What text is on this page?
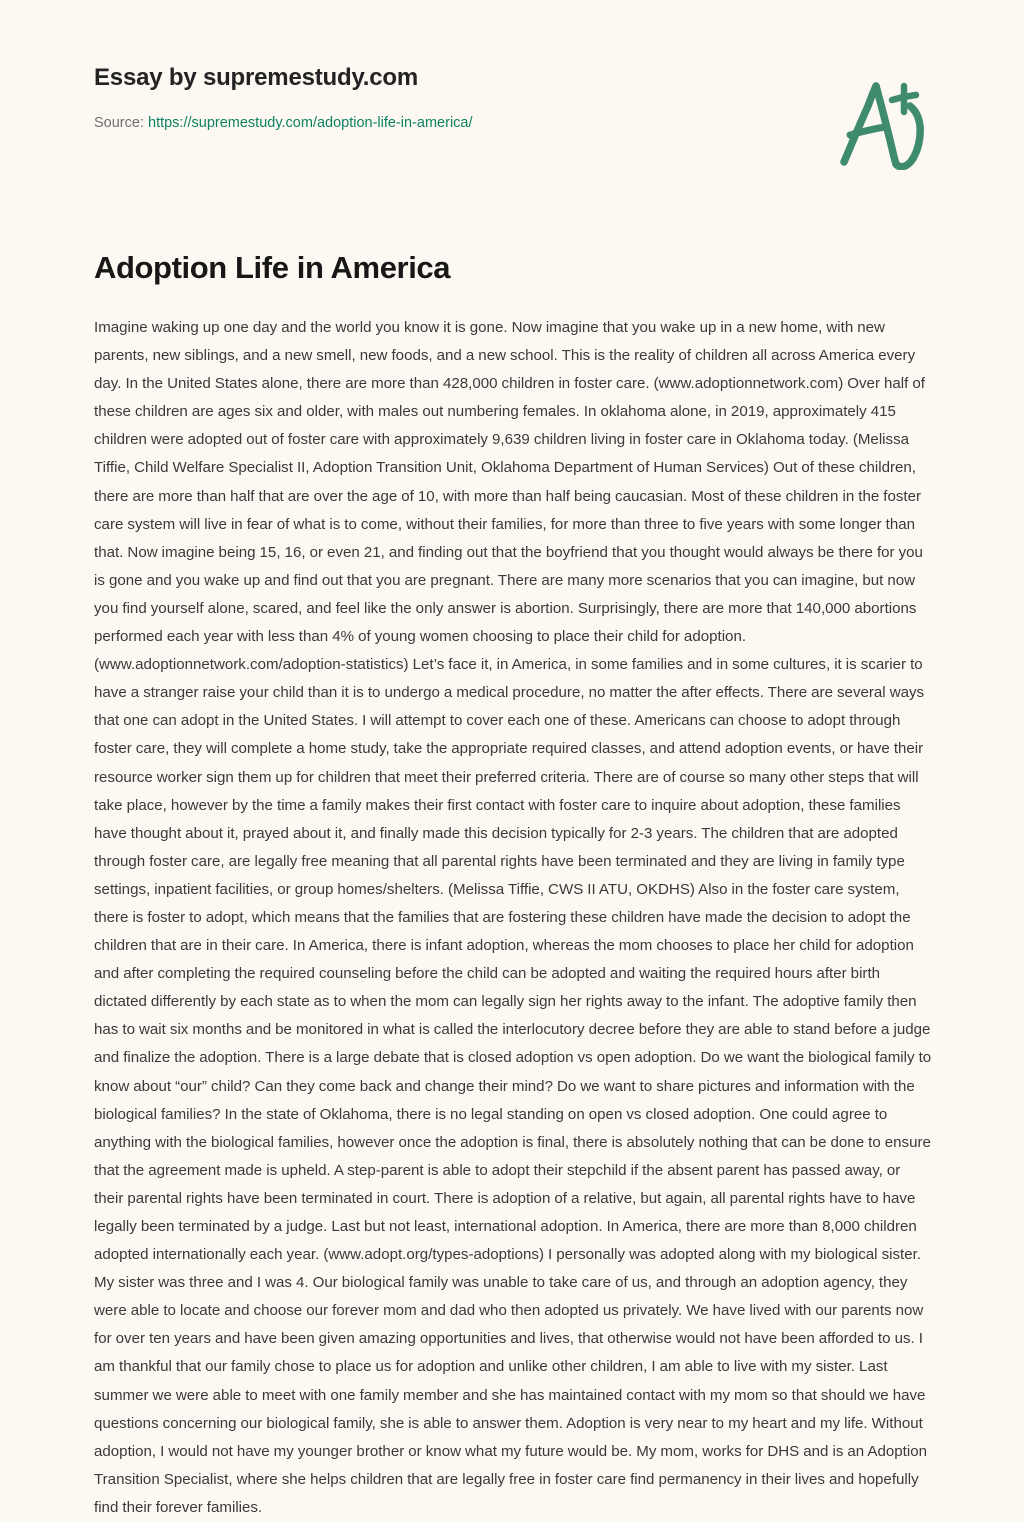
Essay by supremestudy.com
Source: https://supremestudy.com/adoption-life-in-america/
Adoption Life in America

Imagine waking up one day and the world you know it is gone. Now imagine that you wake up in a new home, with new parents, new siblings, and a new smell, new foods, and a new school. This is the reality of children all across America every day. In the United States alone, there are more than 428,000 children in foster care. (www.adoptionnetwork.com) Over half of these children are ages six and older, with males out numbering females. In oklahoma alone, in 2019, approximately 415 children were adopted out of foster care with approximately 9,639 children living in foster care in Oklahoma today. (Melissa Tiffie, Child Welfare Specialist II, Adoption Transition Unit, Oklahoma Department of Human Services) Out of these children, there are more than half that are over the age of 10, with more than half being caucasian. Most of these children in the foster care system will live in fear of what is to come, without their families, for more than three to five years with some longer than that. Now imagine being 15, 16, or even 21, and finding out that the boyfriend that you thought would always be there for you is gone and you wake up and find out that you are pregnant. There are many more scenarios that you can imagine, but now you find yourself alone, scared, and feel like the only answer is abortion. Surprisingly, there are more that 140,000 abortions performed each year with less than 4% of young women choosing to place their child for adoption. (www.adoptionnetwork.com/adoption-statistics) Let’s face it, in America, in some families and in some cultures, it is scarier to have a stranger raise your child than it is to undergo a medical procedure, no matter the after effects. There are several ways that one can adopt in the United States. I will attempt to cover each one of these. Americans can choose to adopt through foster care, they will complete a home study, take the appropriate required classes, and attend adoption events, or have their resource worker sign them up for children that meet their preferred criteria. There are of course so many other steps that will take place, however by the time a family makes their first contact with foster care to inquire about adoption, these families have thought about it, prayed about it, and finally made this decision typically for 2-3 years. The children that are adopted through foster care, are legally free meaning that all parental rights have been terminated and they are living in family type settings, inpatient facilities, or group homes/shelters. (Melissa Tiffie, CWS II ATU, OKDHS) Also in the foster care system, there is foster to adopt, which means that the families that are fostering these children have made the decision to adopt the children that are in their care. In America, there is infant adoption, whereas the mom chooses to place her child for adoption and after completing the required counseling before the child can be adopted and waiting the required hours after birth dictated differently by each state as to when the mom can legally sign her rights away to the infant. The adoptive family then has to wait six months and be monitored in what is called the interlocutory decree before they are able to stand before a judge and finalize the adoption. There is a large debate that is closed adoption vs open adoption. Do we want the biological family to know about “our” child? Can they come back and change their mind? Do we want to share pictures and information with the biological families? In the state of Oklahoma, there is no legal standing on open vs closed adoption. One could agree to anything with the biological families, however once the adoption is final, there is absolutely nothing that can be done to ensure that the agreement made is upheld. A step-parent is able to adopt their stepchild if the absent parent has passed away, or their parental rights have been terminated in court. There is adoption of a relative, but again, all parental rights have to have legally been terminated by a judge. Last but not least, international adoption. In America, there are more than 8,000 children adopted internationally each year. (www.adopt.org/types-adoptions) I personally was adopted along with my biological sister. My sister was three and I was 4. Our biological family was unable to take care of us, and through an adoption agency, they were able to locate and choose our forever mom and dad who then adopted us privately. We have lived with our parents now for over ten years and have been given amazing opportunities and lives, that otherwise would not have been afforded to us. I am thankful that our family chose to place us for adoption and unlike other children, I am able to live with my sister. Last summer we were able to meet with one family member and she has maintained contact with my mom so that should we have questions concerning our biological family, she is able to answer them. Adoption is very near to my heart and my life. Without adoption, I would not have my younger brother or know what my future would be. My mom, works for DHS and is an Adoption Transition Specialist, where she helps children that are legally free in foster care find permanency in their lives and hopefully find their forever families.
